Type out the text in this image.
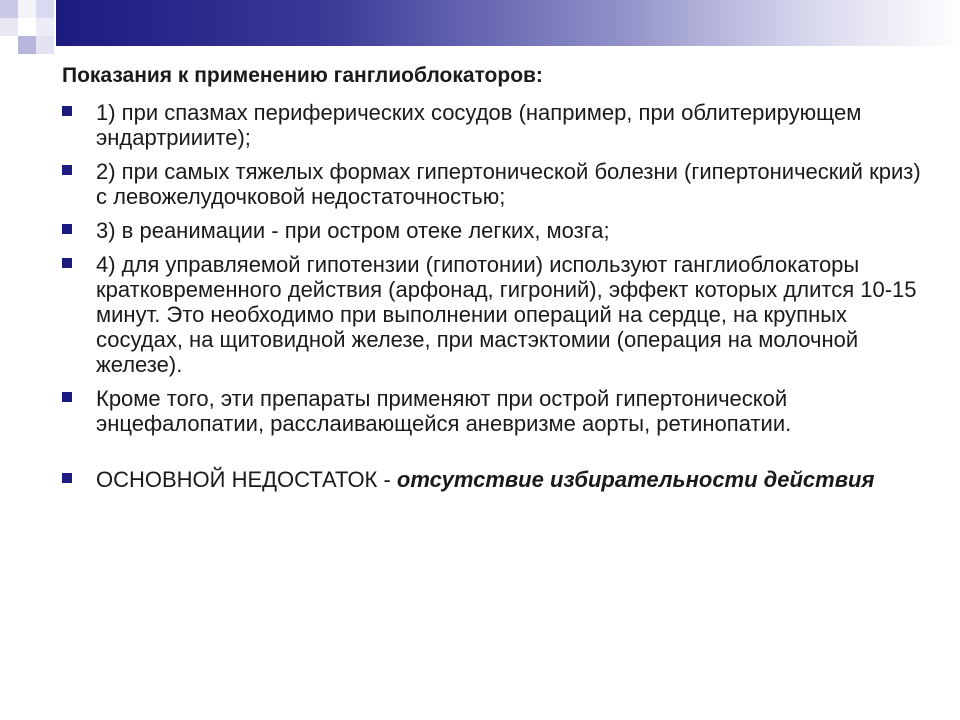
Показания к применению ганглиоблокаторов:
1) при спазмах периферических сосудов (например, при облитерирующем эндартрииите);
2) при самых тяжелых формах гипертонической болезни (гипертонический криз) с левожелудочковой недостаточностью;
3) в реанимации - при остром отеке легких, мозга;
4) для управляемой гипотензии (гипотонии) используют ганглиоблокаторы кратковременного действия (арфонад, гигроний), эффект которых длится 10-15 минут. Это необходимо при выполнении операций на сердце, на крупных сосудах, на щитовидной железе, при мастэктомии (операция на молочной железе).
Кроме того, эти препараты применяют при острой гипертонической энцефалопатии, расслаивающейся аневризме аорты, ретинопатии.
ОСНОВНОЙ НЕДОСТАТОК - отсутствие избирательности действия
